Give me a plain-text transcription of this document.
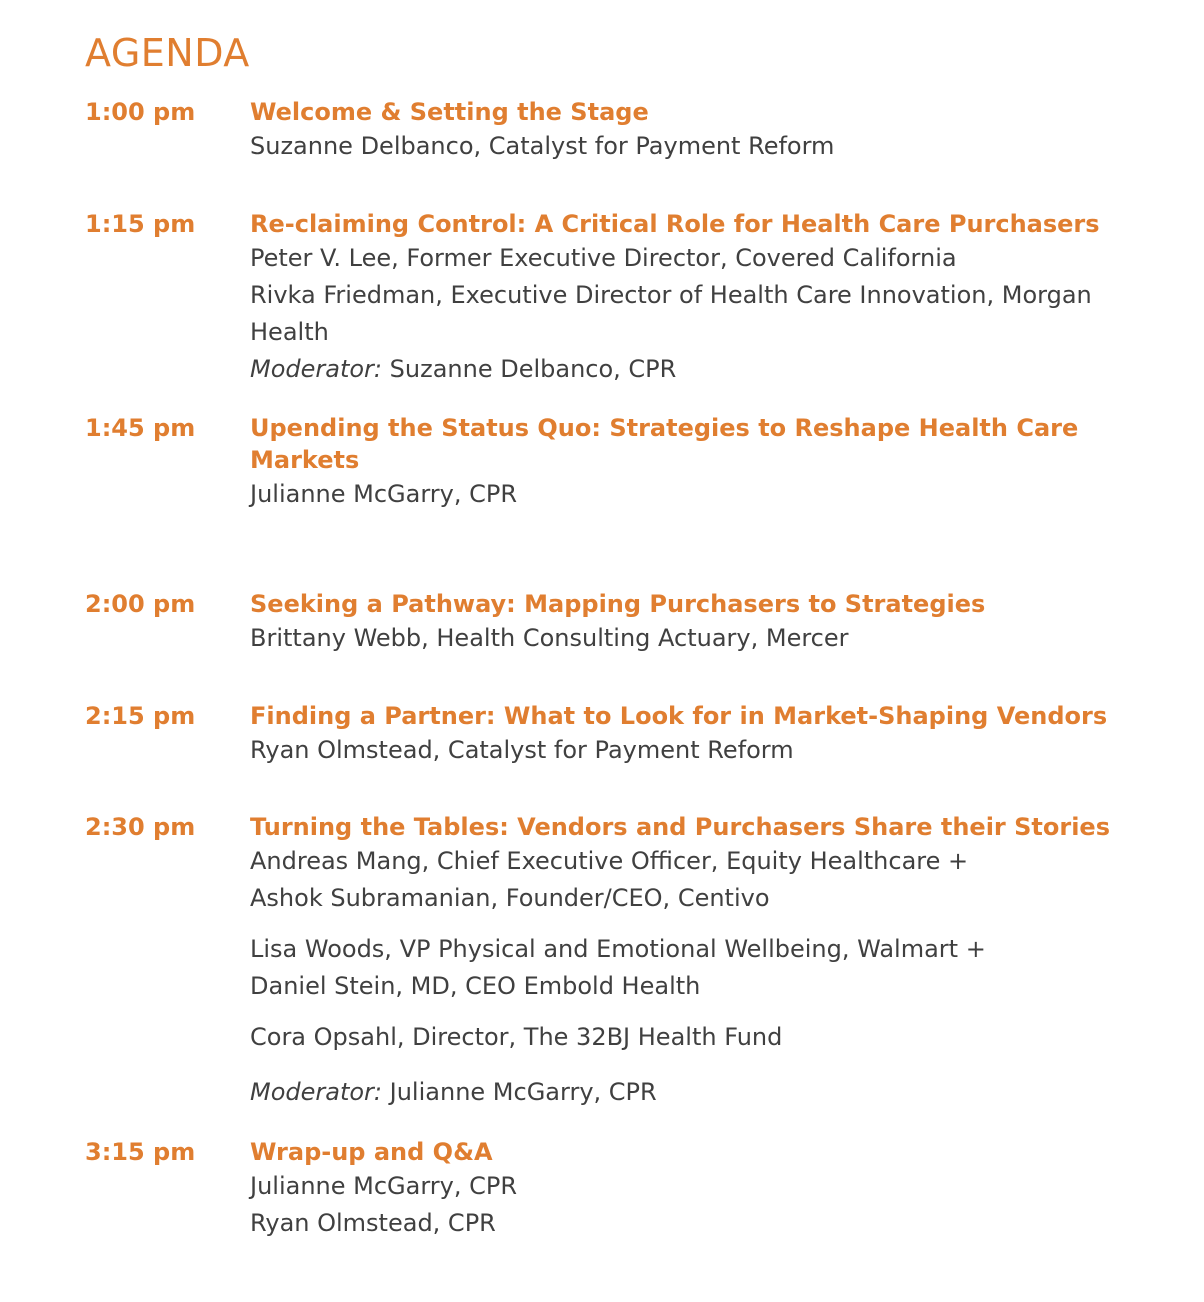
AGENDA
1:00 pm Welcome & Setting the Stage
Suzanne Delbanco, Catalyst for Payment Reform
1:15 pm Re-claiming Control: A Critical Role for Health Care Purchasers
Peter V. Lee, Former Executive Director, Covered California
Rivka Friedman, Executive Director of Health Care Innovation, Morgan
Health
Moderator: Suzanne Delbanco, CPR
1:45 pm Upending the Status Quo: Strategies to Reshape Health Care
Markets
Julianne McGarry, CPR
2:00 pm Seeking a Pathway: Mapping Purchasers to Strategies
Brittany Webb, Health Consulting Actuary, Mercer
2:15 pm Finding a Partner: What to Look for in Market-Shaping Vendors
Ryan Olmstead, Catalyst for Payment Reform
2:30 pm Turning the Tables: Vendors and Purchasers Share their Stories
Andreas Mang, Chief Executive Officer, Equity Healthcare +
Ashok Subramanian, Founder/CEO, Centivo
Lisa Woods, VP Physical and Emotional Wellbeing, Walmart +
Daniel Stein, MD, CEO Embold Health
Cora Opsahl, Director, The 32BJ Health Fund
Moderator: Julianne McGarry, CPR
3:15 pm Wrap-up and Q&A
Julianne McGarry, CPR
Ryan Olmstead, CPR
